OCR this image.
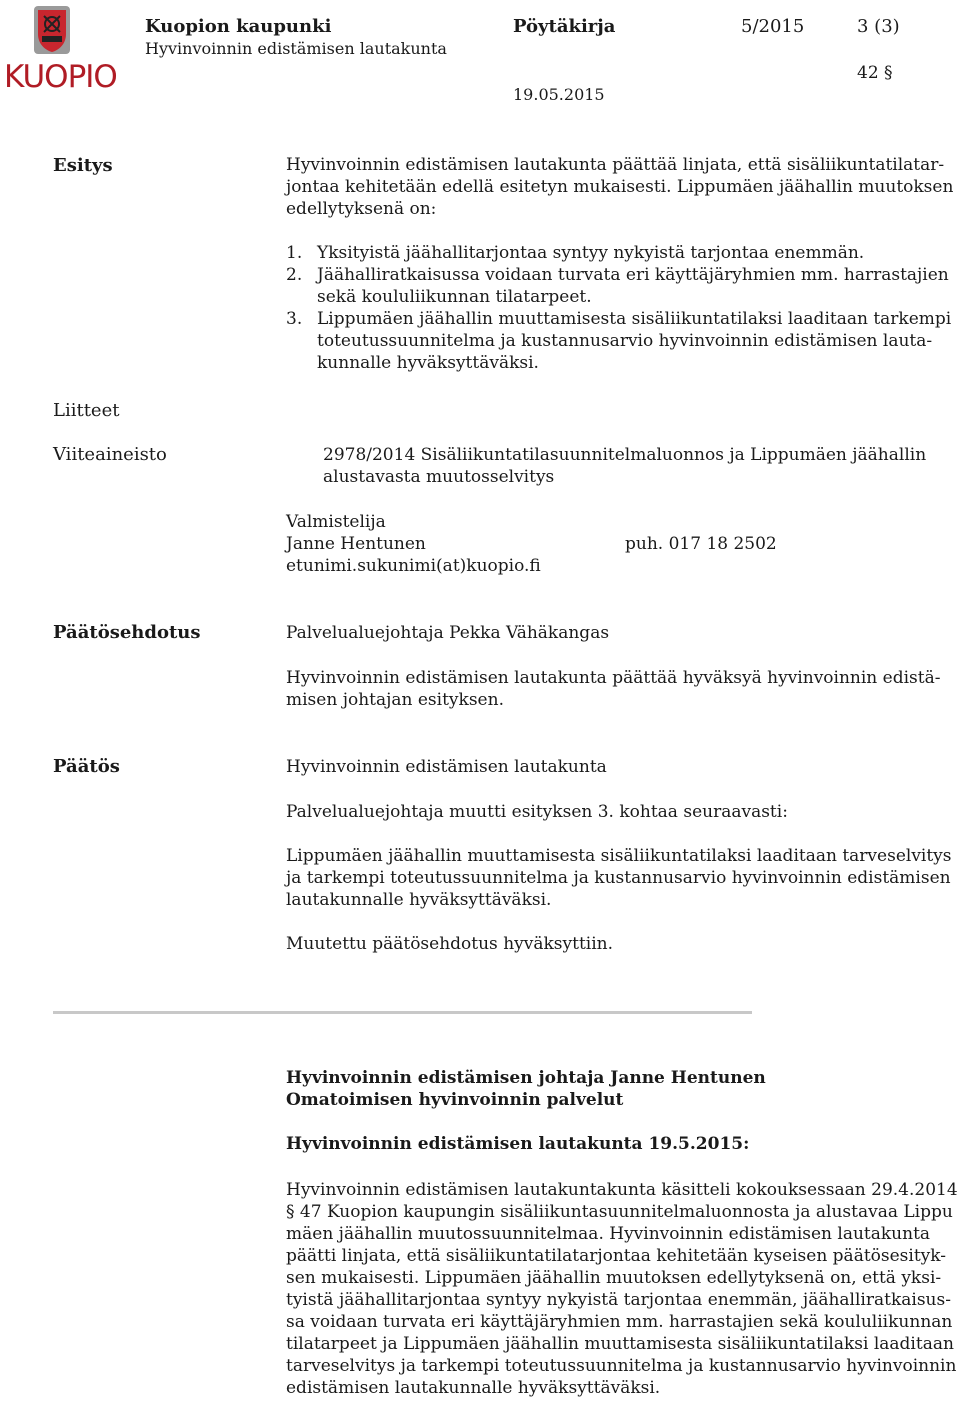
KUOPIO
Kuopion kaupunki
Hyvinvoinnin edistämisen lautakunta
Pöytäkirja	5/2015	3 (3)
42 §
19.05.2015
Esitys	Hyvinvoinnin edistämisen lautakunta päättää linjata, että sisäliikuntatilatar-jontaa kehitetään edellä esitetyn mukaisesti. Lippumäen jäähallin muutoksen edellytyksenä on:
1. Yksityistä jäähallitarjontaa syntyy nykyistä tarjontaa enemmän.
2. Jäähalliratkaisussa voidaan turvata eri käyttäjäryhmien mm. harrastajien sekä koululiikunnan tilatarpeet.
3. Lippumäen jäähallin muuttamisesta sisäliikuntatilaksi laaditaan tarkempi toteutussuunnitelma ja kustannusarvio hyvinvoinnin edistämisen lauta-kunnalle hyväksyttäväksi.
Liitteet
Viiteaineisto	2978/2014 Sisäliikuntatilasuunnitelmaluonnos ja Lippumäen jäähallin alustavasta muutosselvitys
Valmistelija
Janne Hentunen	puh. 017 18 2502
etunimi.sukunimi(at)kuopio.fi
Päätösehdotus	Palvelualuejohtaja Pekka Vähäkangas
Hyvinvoinnin edistämisen lautakunta päättää hyväksyä hyvinvoinnin edistä-misen johtajan esityksen.
Päätös	Hyvinvoinnin edistämisen lautakunta
Palvelualuejohtaja muutti esityksen 3. kohtaa seuraavasti:
Lippumäen jäähallin muuttamisesta sisäliikuntatilaksi laaditaan tarveselvitys ja tarkempi toteutussuunnitelma ja kustannusarvio hyvinvoinnin edistämisen lautakunnalle hyväksyttäväksi.
Muutettu päätösehdotus hyväksyttiin.
Hyvinvoinnin edistämisen johtaja Janne Hentunen
Omatoimisen hyvinvoinnin palvelut
Hyvinvoinnin edistämisen lautakunta 19.5.2015:
Hyvinvoinnin edistämisen lautakuntakunta käsitteli kokouksessaan 29.4.2014 § 47 Kuopion kaupungin sisäliikuntasuunnitelmaluonnosta ja alustavaa Lippu mäen jäähallin muutossuunnitelmaa. Hyvinvoinnin edistämisen lautakunta päätti linjata, että sisäliikuntatilatarjontaa kehitetään kyseisen päätösesityk-sen mukaisesti. Lippumäen jäähallin muutoksen edellytyksenä on, että yksi-tyistä jäähallitarjontaa syntyy nykyistä tarjontaa enemmän, jäähalliratkaisus-sa voidaan turvata eri käyttäjäryhmien mm. harrastajien sekä koululiikunnan tilatarpeet ja Lippumäen jäähallin muuttamisesta sisäliikuntatilaksi laaditaan tarveselvitys ja tarkempi toteutussuunnitelma ja kustannusarvio hyvinvoinnin edistämisen lautakunnalle hyväksyttäväksi.
